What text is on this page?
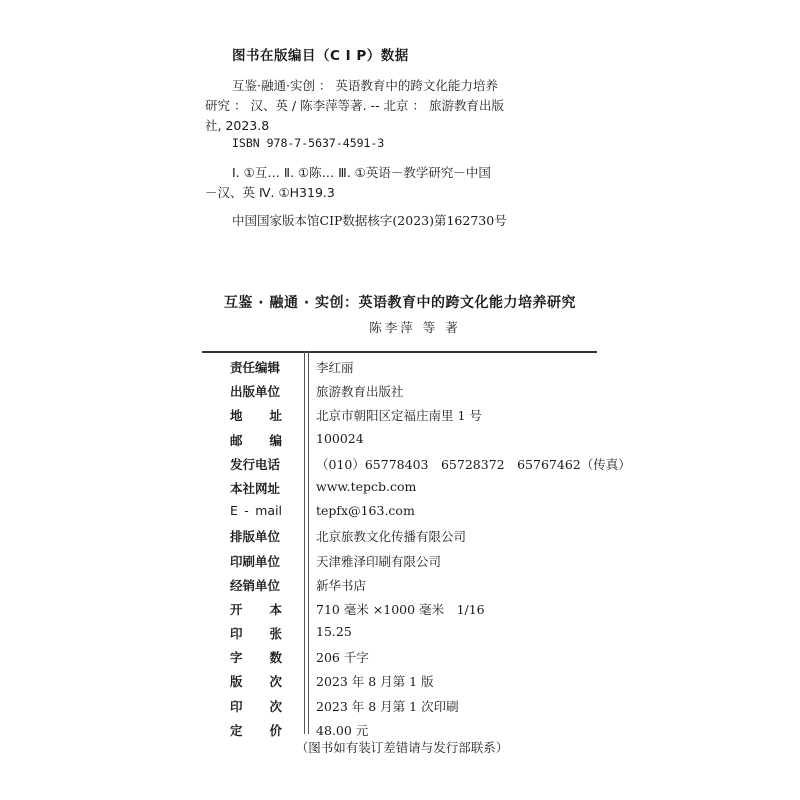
图书在版编目（C I P）数据
互鉴·融通·实创 ： 英语教育中的跨文化能力培养
研究 ： 汉、英 / 陈李萍等著. -- 北京 ： 旅游教育出版
社, 2023.8
ISBN 978-7-5637-4591-3
Ⅰ. ①互… Ⅱ. ①陈… Ⅲ. ①英语－教学研究－中国
－汉、英 Ⅳ. ①H319.3
中国国家版本馆CIP数据核字(2023)第162730号
互鉴 · 融通 · 实创：英语教育中的跨文化能力培养研究
陈李萍 等 著
责任编辑	李红丽
出版单位	旅游教育出版社
地 址	北京市朝阳区定福庄南里 1 号
邮 编	100024
发行电话	（010）65778403　65728372　65767462（传真）
本社网址	www.tepcb.com
E - mail	tepfx@163.com
排版单位	北京旅教文化传播有限公司
印刷单位	天津雅泽印刷有限公司
经销单位	新华书店
开 本	710 毫米 ×1000 毫米　1/16
印 张	15.25
字 数	206 千字
版 次	2023 年 8 月第 1 版
印 次	2023 年 8 月第 1 次印刷
定 价	48.00 元
（图书如有装订差错请与发行部联系）
